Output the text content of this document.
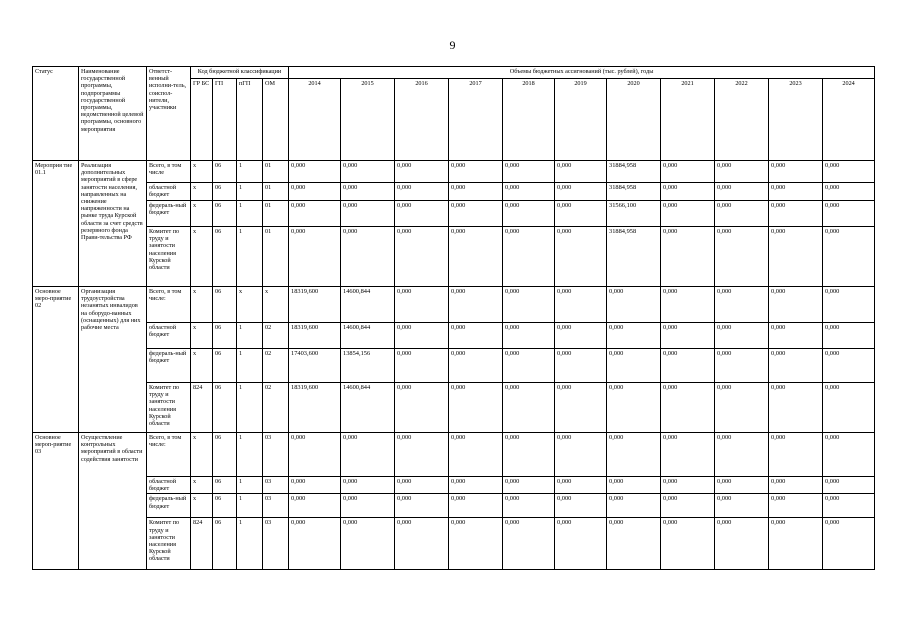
9
Статус	Наименование государственной программы, подпрограммы государственной программы, ведомственной целевой программы, основного мероприятия	Ответст-венный исполни-тель, соиспол-нители, участники	Код бюджетной классификации				Объемы бюджетных ассигнований (тыс. рублей), годы										
			ГР БС	ГП	пГП	ОМ	2014	2015	2016	2017	2018	2019	2020	2021	2022	2023	2024
Мероприя тие 01.1	Реализация дополнительных мероприятий в сфере занятости населения, направленных на снижение напряженности на рынке труда Курской области за счет средств резервного фонда Прави-тельства РФ	Всего, в том числе	х	06	1	01	0,000	0,000	0,000	0,000	0,000	0,000	31884,958	0,000	0,000	0,000	0,000
		областной бюджет	х	06	1	01	0,000	0,000	0,000	0,000	0,000	0,000	31884,958	0,000	0,000	0,000	0,000
		федераль-ный бюджет	х	06	1	01	0,000	0,000	0,000	0,000	0,000	0,000	31566,100	0,000	0,000	0,000	0,000
		Комитет по труду и занятости населения Курской области	х	06	1	01	0,000	0,000	0,000	0,000	0,000	0,000	31884,958	0,000	0,000	0,000	0,000
Основное меро-приятие 02	Организация трудоустройства незанятых инвалидов на оборудо-ванных (оснащенных) для них рабочие места	Всего, в том числе:	х	06	х	х	18319,600	14600,844	0,000	0,000	0,000	0,000	0,000	0,000	0,000	0,000	0,000
		областной бюджет	х	06	1	02	18319,600	14600,844	0,000	0,000	0,000	0,000	0,000	0,000	0,000	0,000	0,000
		федераль-ный бюджет	х	06	1	02	17403,600	13854,156	0,000	0,000	0,000	0,000	0,000	0,000	0,000	0,000	0,000
		Комитет по труду и занятости населения Курской области	824	06	1	02	18319,600	14600,844	0,000	0,000	0,000	0,000	0,000	0,000	0,000	0,000	0,000
Основное мероп-риятие 03	Осуществление контрольных мероприятий в области содействия занятости	Всего, в том числе:	х	06	1	03	0,000	0,000	0,000	0,000	0,000	0,000	0,000	0,000	0,000	0,000	0,000
		областной бюджет	х	06	1	03	0,000	0,000	0,000	0,000	0,000	0,000	0,000	0,000	0,000	0,000	0,000
		федераль-ный бюджет	х	06	1	03	0,000	0,000	0,000	0,000	0,000	0,000	0,000	0,000	0,000	0,000	0,000
		Комитет по труду и занятости населения Курской области	824	06	1	03	0,000	0,000	0,000	0,000	0,000	0,000	0,000	0,000	0,000	0,000	0,000
